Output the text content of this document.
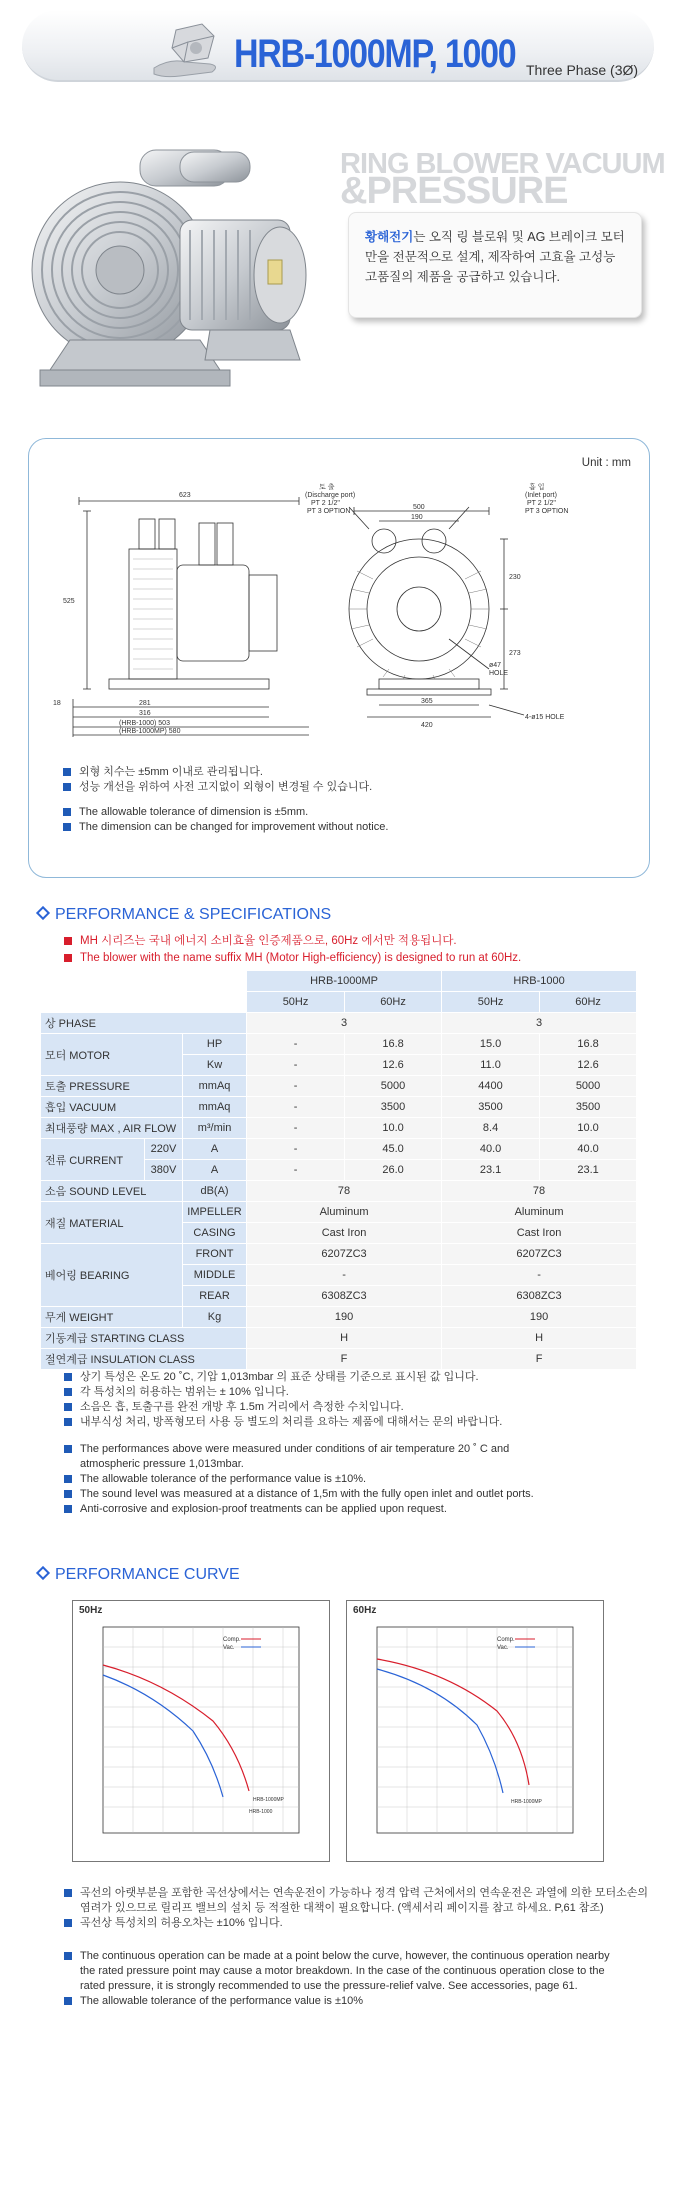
HRB-1000MP, 1000 Three Phase (3Ø)
RING BLOWER VACUUM
&PRESSURE
황해전기는 오직 링 블로워 및 AG 브레이크 모터만을 전문적으로 설계, 제작하여 고효율 고성능 고품질의 제품을 공급하고 있습니다.
Unit : mm
623
525
18	281
316
(HRB-1000) 503
(HRB-1000MP) 580
토 출
(Discharge port)
PT 2 1/2"
PT 3 OPTION
흡 입
(Inlet port)
PT 2 1/2"
PT 3 OPTION
500
190
230
273
ø47
HOLE
365
420
4-ø15 HOLE
외형 치수는 ±5mm 이내로 관리됩니다.
성능 개선을 위하여 사전 고지없이 외형이 변경될 수 있습니다.
The allowable tolerance of dimension is ±5mm.
The dimension can be changed for improvement without notice.
PERFORMANCE & SPECIFICATIONS
MH 시리즈는 국내 에너지 소비효율 인증제품으로, 60Hz 에서만 적용됩니다.
The blower with the name suffix MH (Motor High-efficiency) is designed to run at 60Hz.
			HRB-1000MP		HRB-1000	
			50Hz	60Hz	50Hz	60Hz
상 PHASE			3		3	
모터 MOTOR		HP	-	16.8	15.0	16.8
		Kw	-	12.6	11.0	12.6
토출 PRESSURE		mmAq	-	5000	4400	5000
흡입 VACUUM		mmAq	-	3500	3500	3500
최대풍량 MAX , AIR FLOW		m³/min	-	10.0	8.4	10.0
전류 CURRENT	220V	A	-	45.0	40.0	40.0
	380V	A	-	26.0	23.1	23.1
소음 SOUND LEVEL		dB(A)	78		78	
재질 MATERIAL		IMPELLER	Aluminum		Aluminum	
		CASING	Cast Iron		Cast Iron	
베어링 BEARING		FRONT	6207ZC3		6207ZC3	
		MIDDLE	-		-	
		REAR	6308ZC3		6308ZC3	
무게 WEIGHT		Kg	190		190	
기동계급 STARTING CLASS			H		H	
절연계급 INSULATION CLASS			F		F	
상기 특성은 온도 20 ˚C, 기압 1,013mbar 의 표준 상태를 기준으로 표시된 값 입니다.
각 특성치의 허용하는 범위는 ± 10% 입니다.
소음은 흡, 토출구를 완전 개방 후 1.5m 거리에서 측정한 수치입니다.
내부식성 처리, 방폭형모터 사용 등 별도의 처리를 요하는 제품에 대해서는 문의 바랍니다.
The performances above were measured under conditions of air temperature 20 ˚ C and atmospheric pressure 1,013mbar.
The allowable tolerance of the performance value is ±10%.
The sound level was measured at a distance of 1,5m with the fully open inlet and outlet ports.
Anti-corrosive and explosion-proof treatments can be applied upon request.
PERFORMANCE CURVE
50Hz
Comp.
Vac.
HRB-1000MP
HRB-1000
60Hz
Comp.
Vac.
HRB-1000MP
곡선의 아랫부분을 포함한 곡선상에서는 연속운전이 가능하나 정격 압력 근처에서의 연속운전은 과열에 의한 모터소손의 염려가 있으므로 릴리프 밸브의 설치 등 적절한 대책이 필요합니다. (액세서리 페이지를 참고 하세요. P,61 참조)
곡선상 특성치의 허용오차는 ±10% 입니다.
The continuous operation can be made at a point below the curve, however, the continuous operation nearby the rated pressure point may cause a motor breakdown. In the case of the continuous operation close to the rated pressure, it is strongly recommended to use the pressure-relief valve. See accessories, page 61.
The allowable tolerance of the performance value is ±10%
